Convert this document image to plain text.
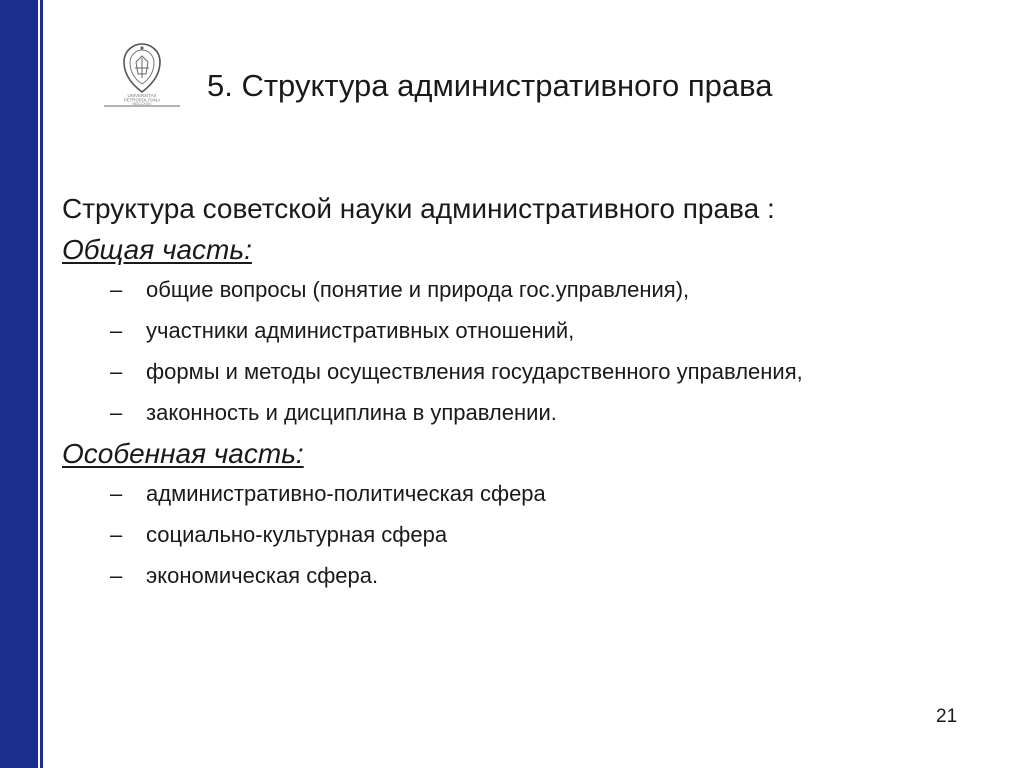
UNIVERSITAS
PETROPOLITANA
MDCCXXIV
5. Структура административного права

Структура советской науки административного права :

Общая часть:

– общие вопросы (понятие и природа гос.управления),
– участники административных отношений,
– формы и методы осуществления государственного управления,
– законность и дисциплина в управлении.

Особенная часть:

– административно-политическая сфера
– социально-культурная сфера
– экономическая сфера.
21
